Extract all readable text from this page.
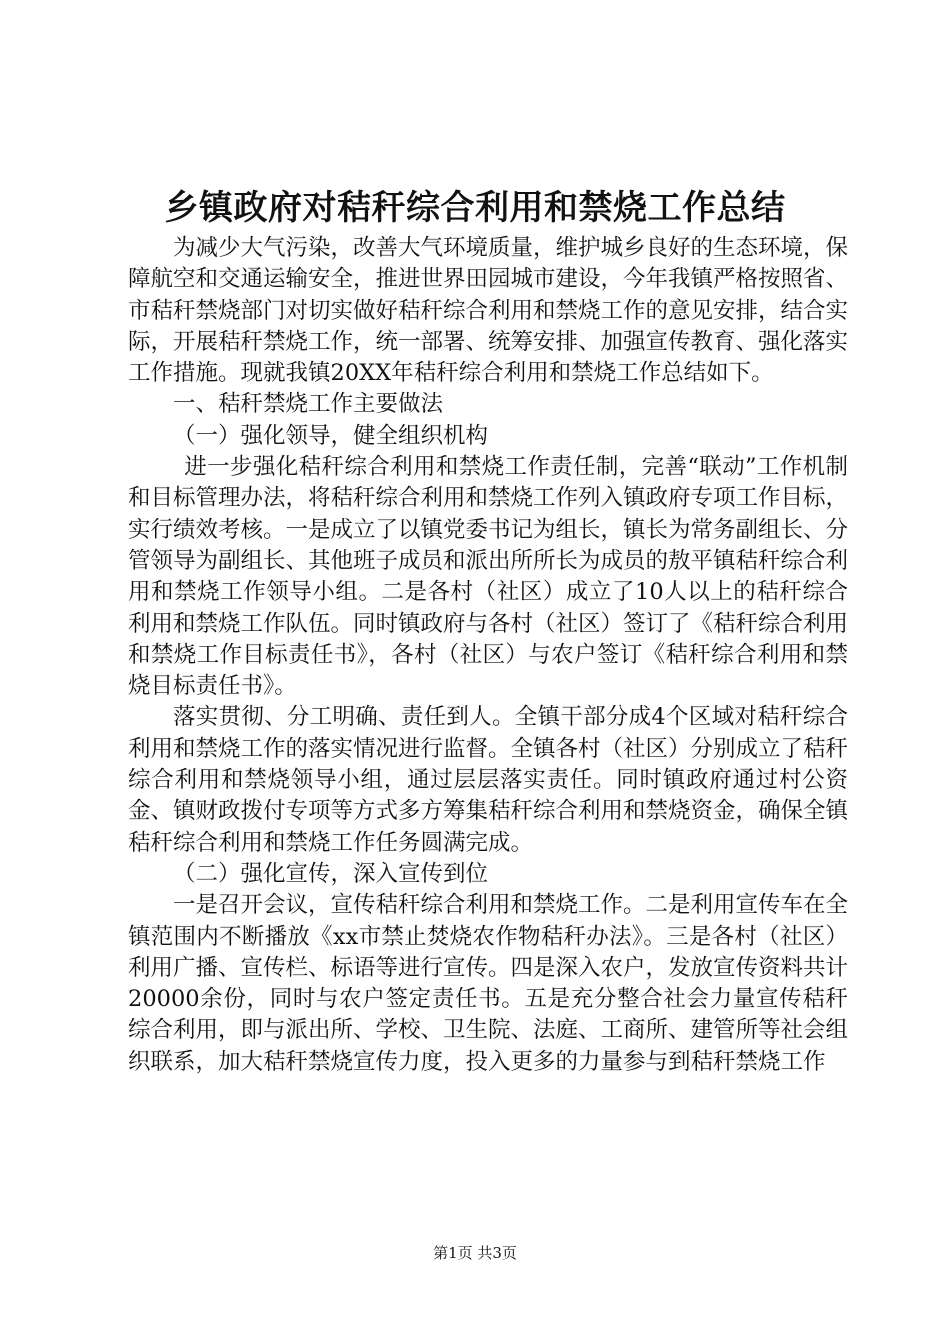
乡镇政府对秸秆综合利用和禁烧工作总结

为减少大气污染，改善大气环境质量，维护城乡良好的生态环境，保障航空和交通运输安全，推进世界田园城市建设，今年我镇严格按照省、市秸秆禁烧部门对切实做好秸秆综合利用和禁烧工作的意见安排，结合实际，开展秸秆禁烧工作，统一部署、统筹安排、加强宣传教育、强化落实工作措施。现就我镇20XX年秸秆综合利用和禁烧工作总结如下。

一、秸秆禁烧工作主要做法

（一）强化领导，健全组织机构

进一步强化秸秆综合利用和禁烧工作责任制，完善“联动”工作机制和目标管理办法，将秸秆综合利用和禁烧工作列入镇政府专项工作目标，实行绩效考核。一是成立了以镇党委书记为组长，镇长为常务副组长、分管领导为副组长、其他班子成员和派出所所长为成员的敖平镇秸秆综合利用和禁烧工作领导小组。二是各村（社区）成立了10人以上的秸秆综合利用和禁烧工作队伍。同时镇政府与各村（社区）签订了《秸秆综合利用和禁烧工作目标责任书》，各村（社区）与农户签订《秸秆综合利用和禁烧目标责任书》。

落实贯彻、分工明确、责任到人。全镇干部分成4个区域对秸秆综合利用和禁烧工作的落实情况进行监督。全镇各村（社区）分别成立了秸秆综合利用和禁烧领导小组，通过层层落实责任。同时镇政府通过村公资金、镇财政拨付专项等方式多方筹集秸秆综合利用和禁烧资金，确保全镇秸秆综合利用和禁烧工作任务圆满完成。

（二）强化宣传，深入宣传到位

一是召开会议，宣传秸秆综合利用和禁烧工作。二是利用宣传车在全镇范围内不断播放《xx市禁止焚烧农作物秸秆办法》。三是各村（社区）利用广播、宣传栏、标语等进行宣传。四是深入农户，发放宣传资料共计20000余份，同时与农户签定责任书。五是充分整合社会力量宣传秸秆综合利用，即与派出所、学校、卫生院、法庭、工商所、建管所等社会组织联系，加大秸秆禁烧宣传力度，投入更多的力量参与到秸秆禁烧工作

第1页 共3页
